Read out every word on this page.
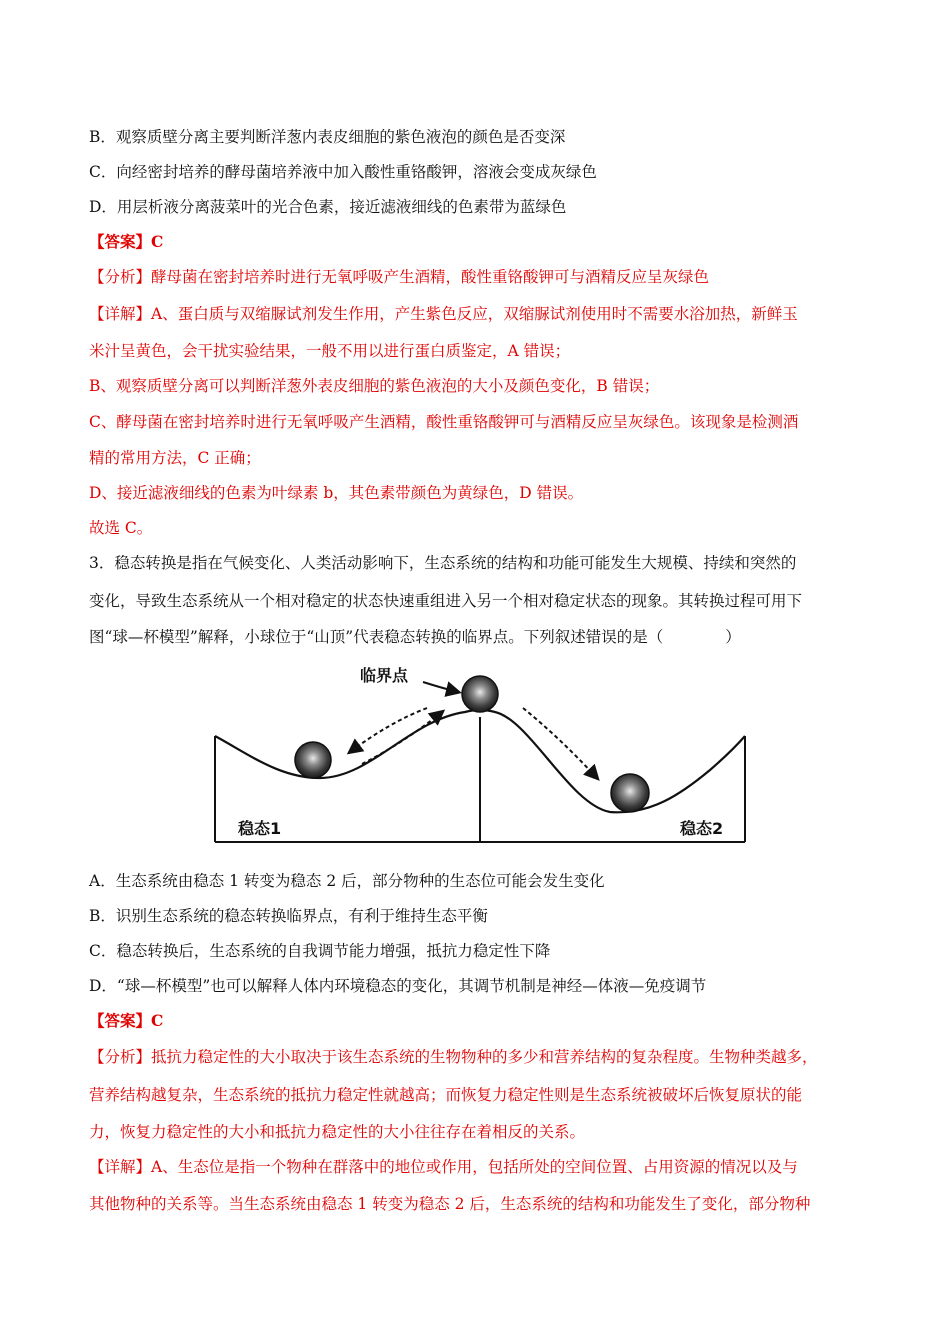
B．观察质壁分离主要判断洋葱内表皮细胞的紫色液泡的颜色是否变深
C．向经密封培养的酵母菌培养液中加入酸性重铬酸钾，溶液会变成灰绿色
D．用层析液分离菠菜叶的光合色素，接近滤液细线的色素带为蓝绿色
【答案】C
【分析】酵母菌在密封培养时进行无氧呼吸产生酒精，酸性重铬酸钾可与酒精反应呈灰绿色
【详解】A、蛋白质与双缩脲试剂发生作用，产生紫色反应，双缩脲试剂使用时不需要水浴加热，新鲜玉
米汁呈黄色，会干扰实验结果，一般不用以进行蛋白质鉴定，A 错误；
B、观察质壁分离可以判断洋葱外表皮细胞的紫色液泡的大小及颜色变化，B 错误；
C、酵母菌在密封培养时进行无氧呼吸产生酒精，酸性重铬酸钾可与酒精反应呈灰绿色。该现象是检测酒
精的常用方法，C 正确；
D、接近滤液细线的色素为叶绿素 b，其色素带颜色为黄绿色，D 错误。
故选 C。
3．稳态转换是指在气候变化、人类活动影响下，生态系统的结构和功能可能发生大规模、持续和突然的
变化，导致生态系统从一个相对稳定的状态快速重组进入另一个相对稳定状态的现象。其转换过程可用下
图“球—杯模型”解释，小球位于“山顶”代表稳态转换的临界点。下列叙述错误的是（　　　　）
临界点
稳态1	稳态2
A．生态系统由稳态 1 转变为稳态 2 后，部分物种的生态位可能会发生变化
B．识别生态系统的稳态转换临界点，有利于维持生态平衡
C．稳态转换后，生态系统的自我调节能力增强，抵抗力稳定性下降
D．“球—杯模型”也可以解释人体内环境稳态的变化，其调节机制是神经—体液—免疫调节
【答案】C
【分析】抵抗力稳定性的大小取决于该生态系统的生物物种的多少和营养结构的复杂程度。生物种类越多，
营养结构越复杂，生态系统的抵抗力稳定性就越高；而恢复力稳定性则是生态系统被破坏后恢复原状的能
力，恢复力稳定性的大小和抵抗力稳定性的大小往往存在着相反的关系。
【详解】A、生态位是指一个物种在群落中的地位或作用，包括所处的空间位置、占用资源的情况以及与
其他物种的关系等。当生态系统由稳态 1 转变为稳态 2 后，生态系统的结构和功能发生了变化，部分物种
